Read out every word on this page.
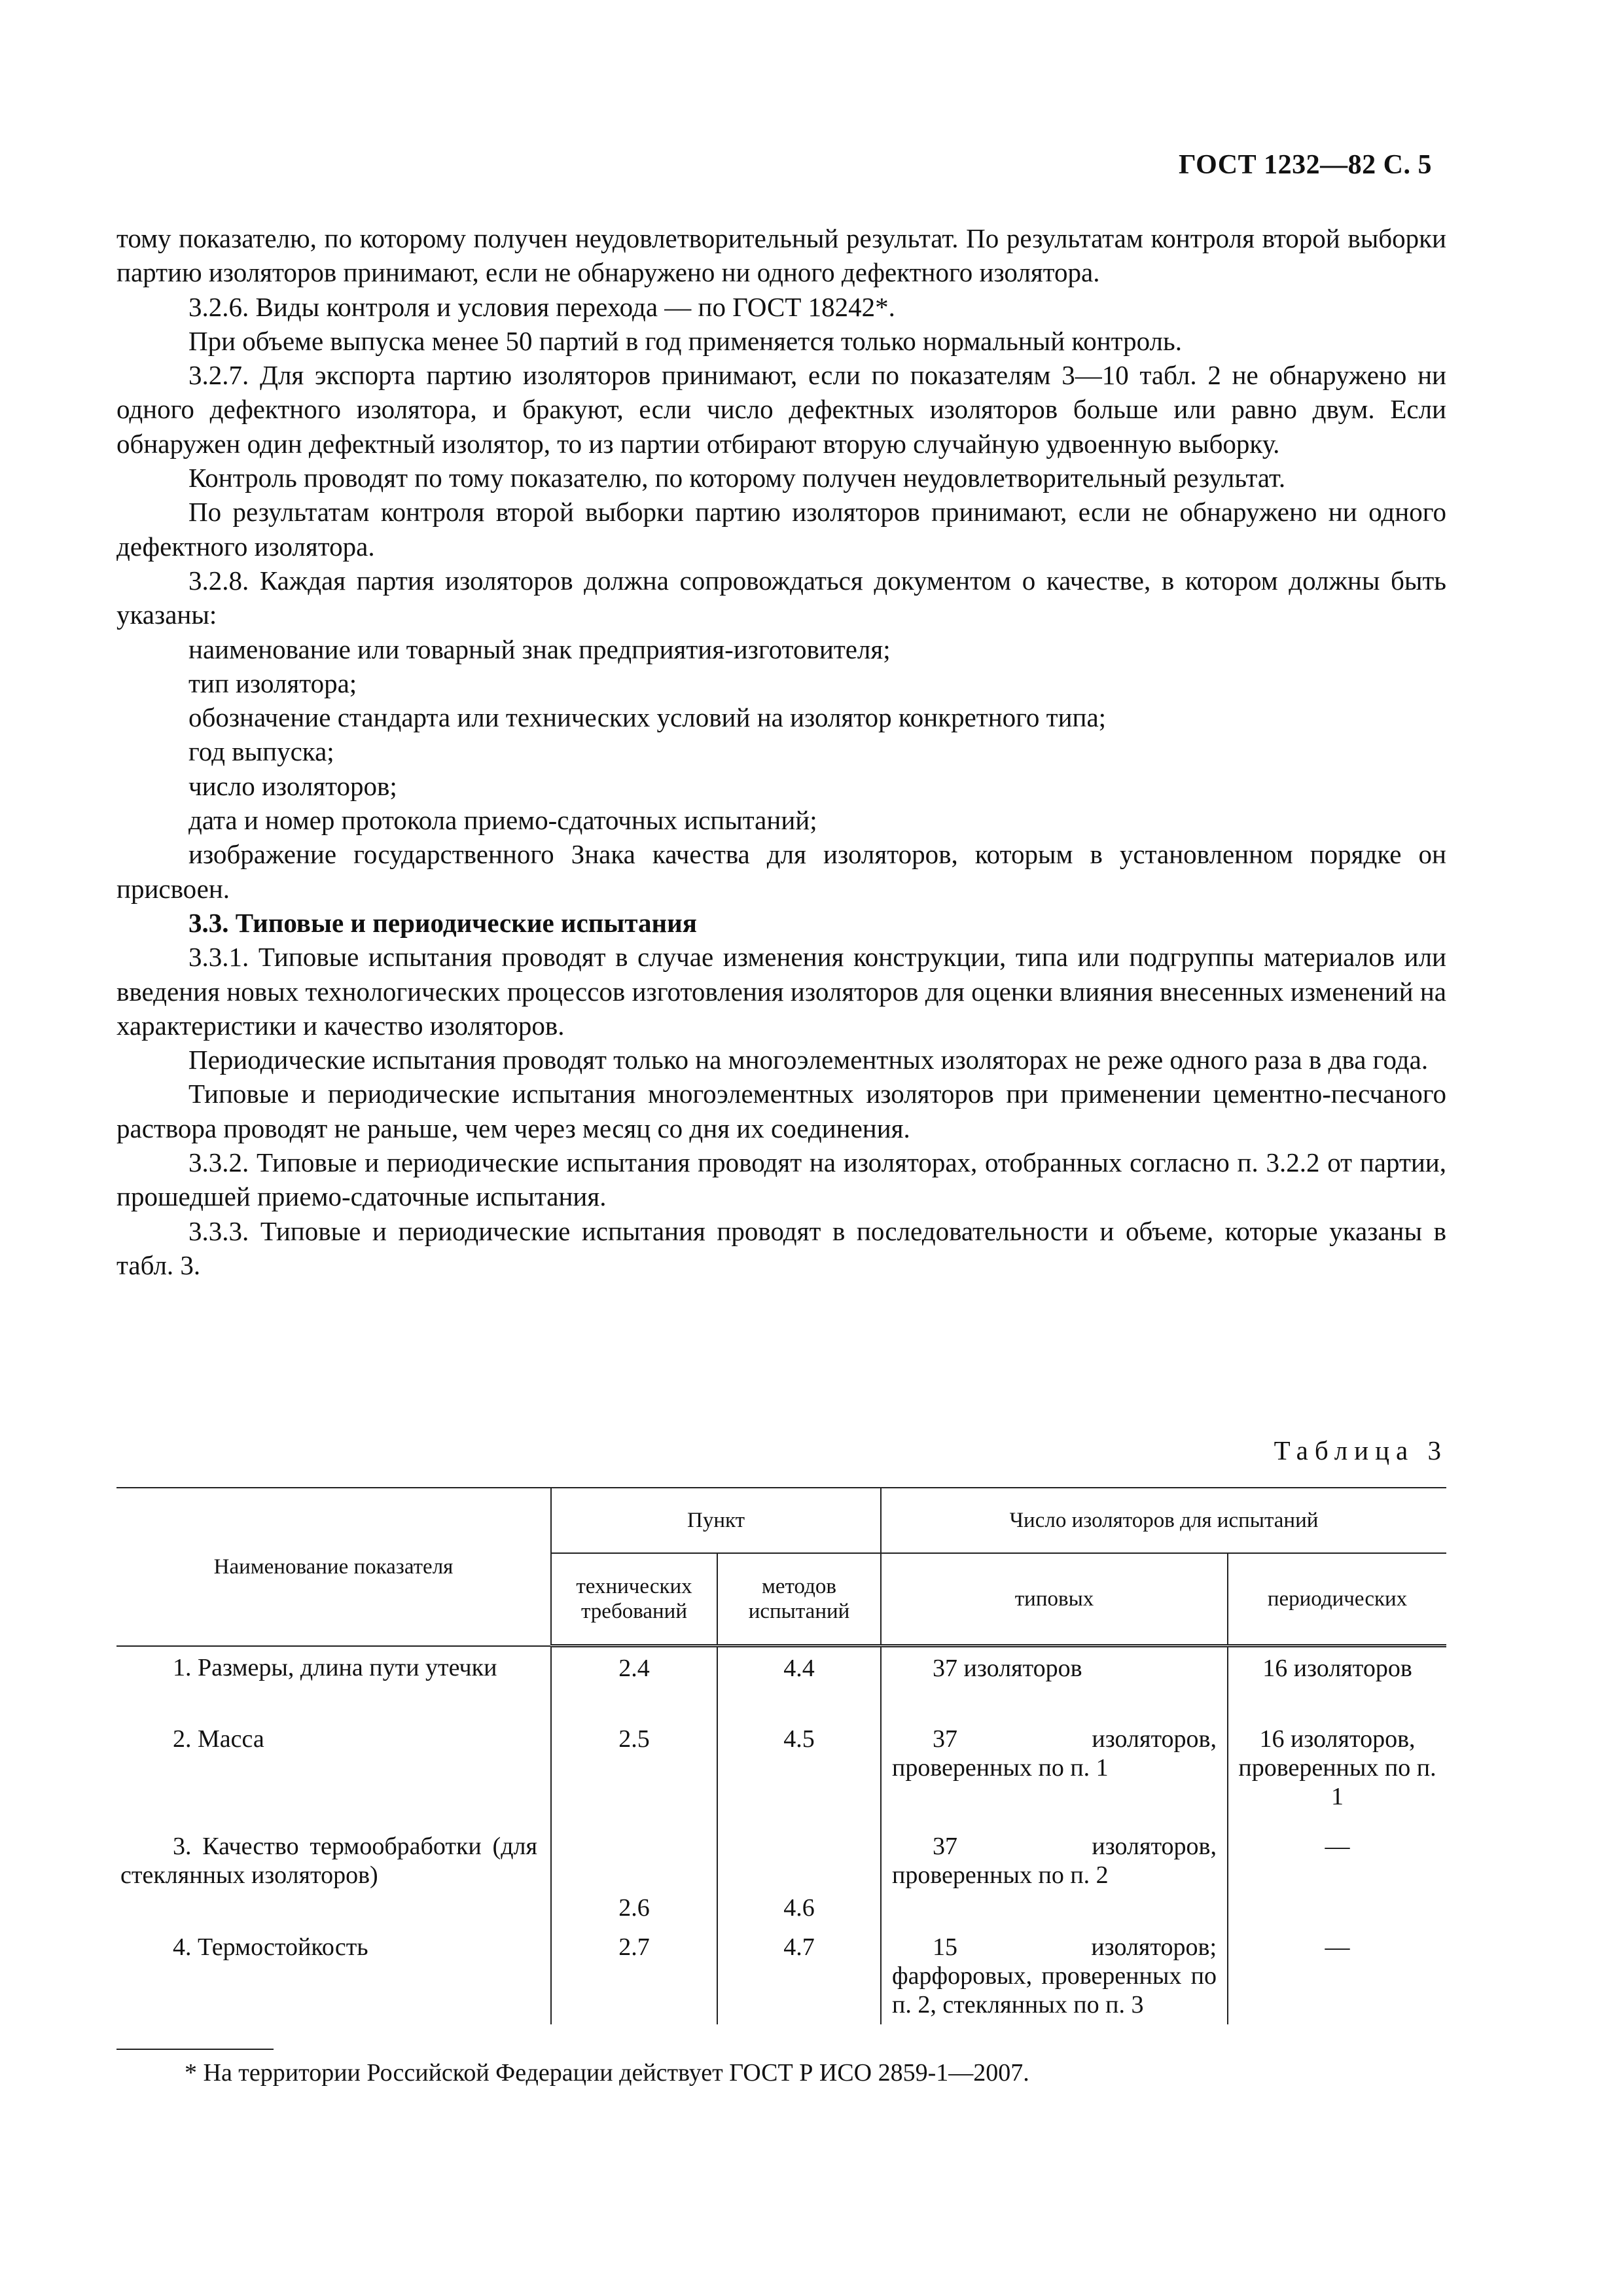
ГОСТ 1232—82 С. 5

тому показателю, по которому получен неудовлетворительный результат. По результатам контроля второй выборки партию изоляторов принимают, если не обнаружено ни одного дефектного изолятора.

3.2.6. Виды контроля и условия перехода — по ГОСТ 18242*.

При объеме выпуска менее 50 партий в год применяется только нормальный контроль.

3.2.7. Для экспорта партию изоляторов принимают, если по показателям 3—10 табл. 2 не обнаружено ни одного дефектного изолятора, и бракуют, если число дефектных изоляторов больше или равно двум. Если обнаружен один дефектный изолятор, то из партии отбирают вторую случайную удвоенную выборку.

Контроль проводят по тому показателю, по которому получен неудовлетворительный результат.

По результатам контроля второй выборки партию изоляторов принимают, если не обнаружено ни одного дефектного изолятора.

3.2.8. Каждая партия изоляторов должна сопровождаться документом о качестве, в котором должны быть указаны:

наименование или товарный знак предприятия-изготовителя;

тип изолятора;

обозначение стандарта или технических условий на изолятор конкретного типа;

год выпуска;

число изоляторов;

дата и номер протокола приемо-сдаточных испытаний;

изображение государственного Знака качества для изоляторов, которым в установленном порядке он присвоен.

3.3. Типовые и периодические испытания

3.3.1. Типовые испытания проводят в случае изменения конструкции, типа или подгруппы материалов или введения новых технологических процессов изготовления изоляторов для оценки влияния внесенных изменений на характеристики и качество изоляторов.

Периодические испытания проводят только на многоэлементных изоляторах не реже одного раза в два года.

Типовые и периодические испытания многоэлементных изоляторов при применении цементно-песчаного раствора проводят не раньше, чем через месяц со дня их соединения.

3.3.2. Типовые и периодические испытания проводят на изоляторах, отобранных согласно п. 3.2.2 от партии, прошедшей приемо-сдаточные испытания.

3.3.3. Типовые и периодические испытания проводят в последовательности и объеме, которые указаны в табл. 3.

Таблица 3
Наименование показателя	Пункт		Число изоляторов для испытаний	
	технических требований	методов испытаний	типовых	периодических
1. Размеры, длина пути утечки	2.4	4.4	37 изоляторов	16 изоляторов
2. Масса	2.5	4.5	37 изоляторов, проверенных по п. 1	16 изоляторов, проверенных по п. 1
3. Качество термообработки (для стеклянных изоляторов)	2.6	4.6	37 изоляторов, проверенных по п. 2	—
4. Термостойкость	2.7	4.7	15 изоляторов; фарфоровых, проверенных по п. 2, стеклянных по п. 3	—
* На территории Российской Федерации действует ГОСТ Р ИСО 2859-1—2007.
